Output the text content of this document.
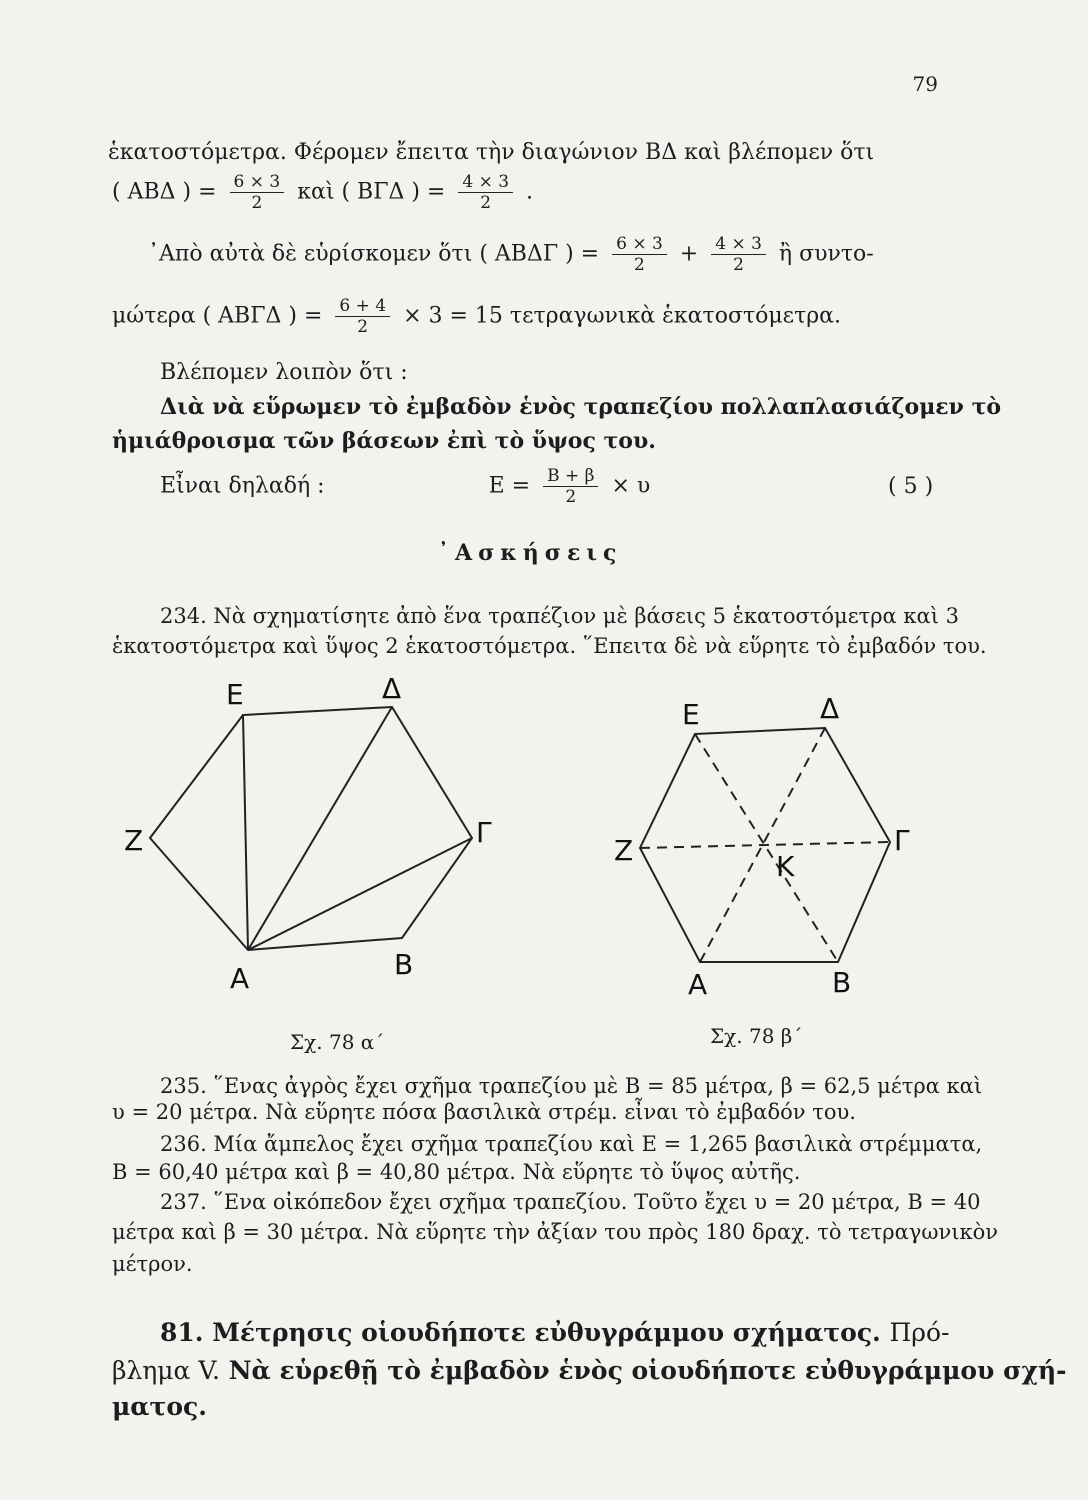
79
ἑκατοστόμετρα. Φέρομεν ἔπειτα τὴν διαγώνιον ΒΔ καὶ βλέπομεν ὅτι
( ΑΒΔ ) = $\frac{6 \times 3}{2}$ καὶ ( ΒΓΔ ) = $\frac{4 \times 3}{2}$ .
᾿Απὸ αὐτὰ δὲ εὑρίσκομεν ὅτι ( ΑΒΔΓ ) = $\frac{6 \times 3}{2} + \frac{4 \times 3}{2}$ ἢ συντο-
μώτερα ( ΑΒΓΔ ) = $\frac{6 + 4}{2} \times 3 = 15$ τετραγωνικὰ ἑκατοστόμετρα.
Βλέπομεν λοιπὸν ὅτι :
Διὰ νὰ εὕρωμεν τὸ ἐμβαδὸν ἑνὸς τραπεζίου πολλαπλασιάζομεν τὸ
ἡμιάθροισμα τῶν βάσεων ἐπὶ τὸ ὕψος του.
Εἶναι δηλαδή :	$E = \frac{B + \beta}{2} \times \upsilon$	( 5 )
᾿Ασκήσεις
234. Νὰ σχηματίσητε ἀπὸ ἕνα τραπέζιον μὲ βάσεις 5 ἑκατοστόμετρα καὶ 3
ἑκατοστόμετρα καὶ ὕψος 2 ἑκατοστόμετρα. ῞Επειτα δὲ νὰ εὕρητε τὸ ἐμβαδόν του.
Ε	Δ
Ζ	Γ
Α	Β
Σχ. 78 α΄
Ε	Δ
Ζ	Γ
Κ
Α	Β
Σχ. 78 β΄
235. ῞Ενας ἀγρὸς ἔχει σχῆμα τραπεζίου μὲ Β = 85 μέτρα, β = 62,5 μέτρα καὶ
υ = 20 μέτρα. Νὰ εὕρητε πόσα βασιλικὰ στρέμ. εἶναι τὸ ἐμβαδόν του.
236. Μία ἄμπελος ἔχει σχῆμα τραπεζίου καὶ Ε = 1,265 βασιλικὰ στρέμματα,
Β = 60,40 μέτρα καὶ β = 40,80 μέτρα. Νὰ εὕρητε τὸ ὕψος αὐτῆς.
237. ῞Ενα οἰκόπεδον ἔχει σχῆμα τραπεζίου. Τοῦτο ἔχει υ = 20 μέτρα, Β = 40
μέτρα καὶ β = 30 μέτρα. Νὰ εὕρητε τὴν ἀξίαν του πρὸς 180 δραχ. τὸ τετραγωνικὸν
μέτρον.
81. Μέτρησις οἱουδήποτε εὐθυγράμμου σχήματος. Πρό-
βλημα V. Νὰ εὑρεθῇ τὸ ἐμβαδὸν ἑνὸς οἱουδήποτε εὐθυγράμμου σχή-
ματος.
